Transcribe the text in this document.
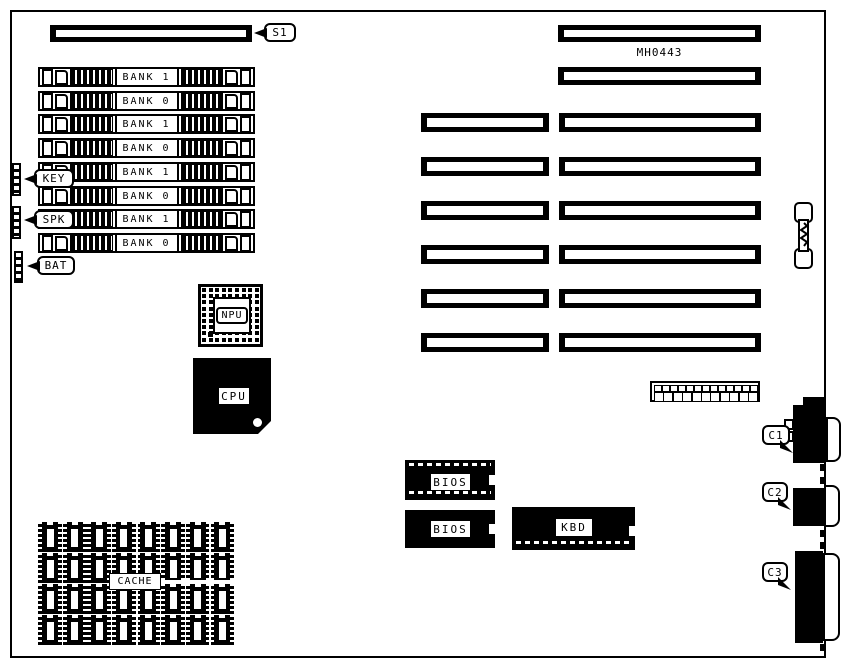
S1
BANK 1
BANK 0
BANK 1
BANK 0
BANK 1
BANK 0
BANK 1
BANK 0
KEY
SPK
BAT
NPU
CPU
BIOS
BIOS	KBD
CACHE
MH0443
C1
C2
C3
